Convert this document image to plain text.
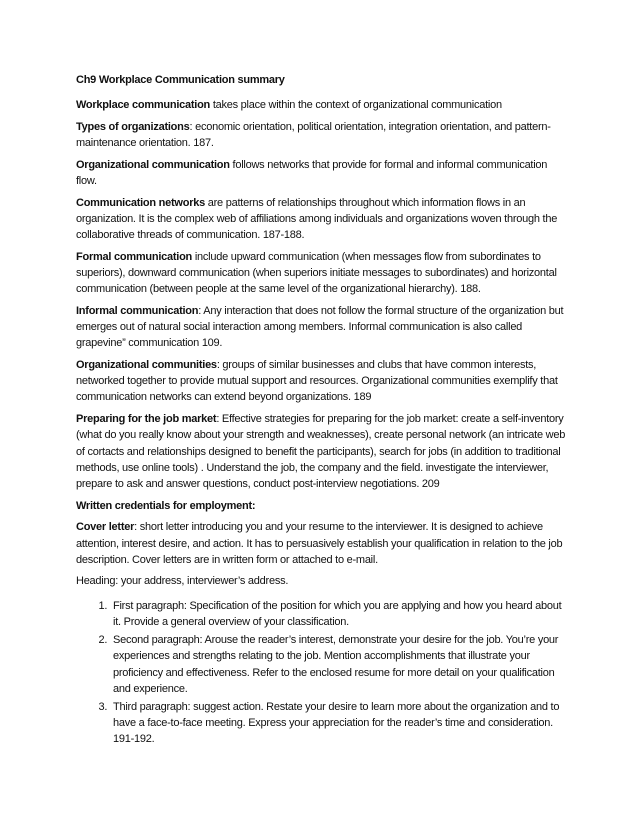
Ch9 Workplace Communication summary

Workplace communication takes place within the context of organizational communication

Types of organizations: economic orientation, political orientation, integration orientation, and pattern-maintenance orientation. 187.

Organizational communication follows networks that provide for formal and informal communication flow.

Communication networks are patterns of relationships throughout which information flows in an organization. It is the complex web of affiliations among individuals and organizations woven through the collaborative threads of communication. 187-188.

Formal communication include upward communication (when messages flow from subordinates to superiors), downward communication (when superiors initiate messages to subordinates) and horizontal communication (between people at the same level of the organizational hierarchy). 188.

Informal communication: Any interaction that does not follow the formal structure of the organization but emerges out of natural social interaction among members. Informal communication is also called grapevine” communication 109.

Organizational communities: groups of similar businesses and clubs that have common interests, networked together to provide mutual support and resources. Organizational communities exemplify that communication networks can extend beyond organizations. 189

Preparing for the job market: Effective strategies for preparing for the job market: create a self-inventory (what do you really know about your strength and weaknesses), create personal network (an intricate web of cortacts and relationships designed to benefit the participants), search for jobs (in addition to traditional methods, use online tools) . Understand the job, the company and the field. investigate the interviewer, prepare to ask and answer questions, conduct post-interview negotiations. 209

Written credentials for employment:

Cover letter: short letter introducing you and your resume to the interviewer. It is designed to achieve attention, interest desire, and action. It has to persuasively establish your qualification in relation to the job description. Cover letters are in written form or attached to e-mail.

Heading: your address, interviewer’s address.

1. First paragraph: Specification of the position for which you are applying and how you heard about it. Provide a general overview of your classification.
2. Second paragraph: Arouse the reader’s interest, demonstrate your desire for the job. You’re your experiences and strengths relating to the job. Mention accomplishments that illustrate your proficiency and effectiveness. Refer to the enclosed resume for more detail on your qualification and experience.
3. Third paragraph: suggest action. Restate your desire to learn more about the organization and to have a face-to-face meeting. Express your appreciation for the reader’s time and consideration. 191-192.
